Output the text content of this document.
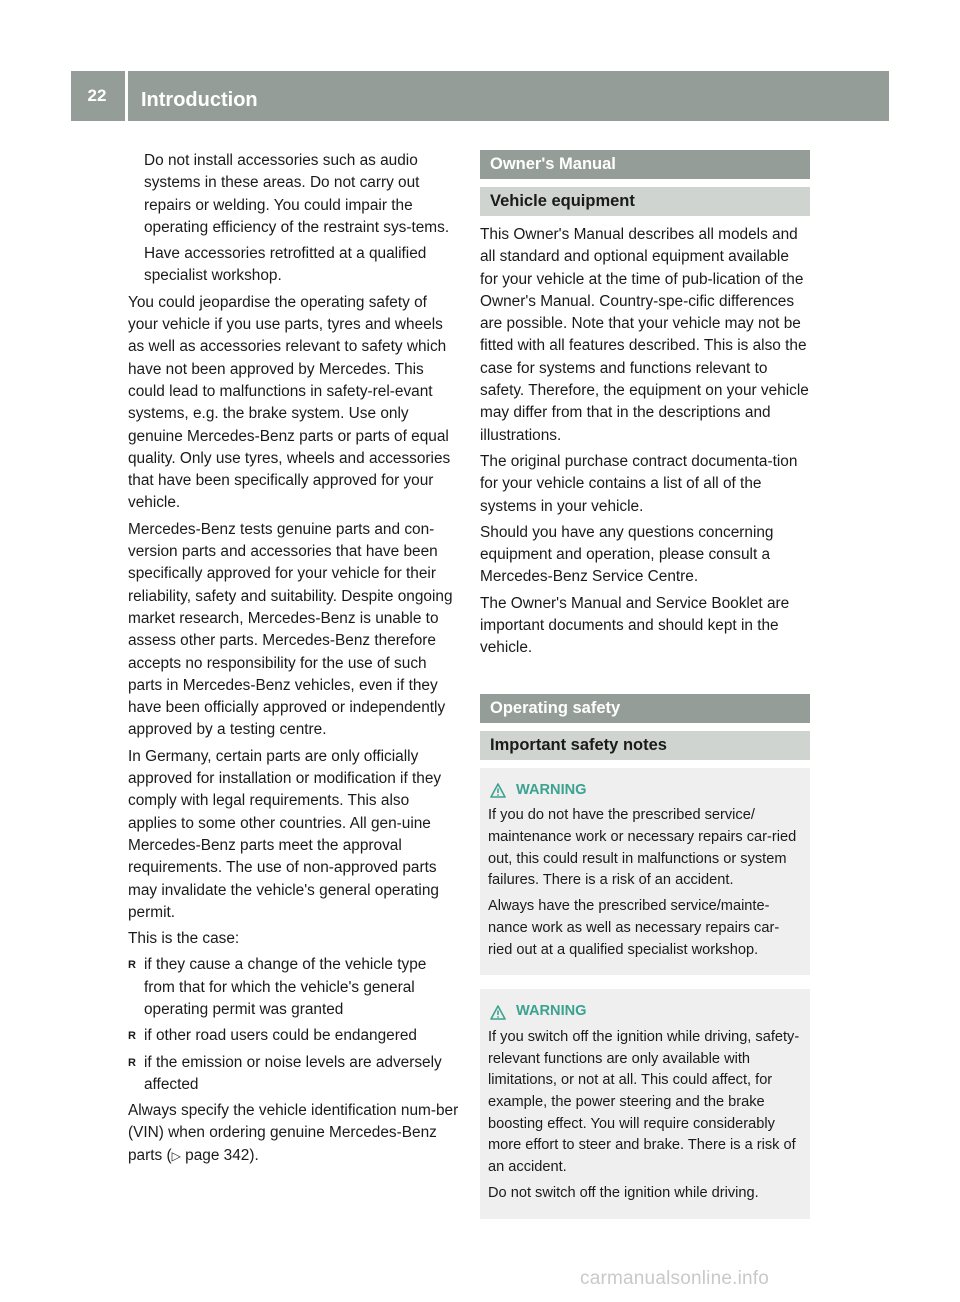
22	Introduction

Do not install accessories such as audio systems in these areas. Do not carry out repairs or welding. You could impair the operating efficiency of the restraint sys-tems.

Have accessories retrofitted at a qualified specialist workshop.

You could jeopardise the operating safety of your vehicle if you use parts, tyres and wheels as well as accessories relevant to safety which have not been approved by Mercedes. This could lead to malfunctions in safety-rel-evant systems, e.g. the brake system. Use only genuine Mercedes-Benz parts or parts of equal quality. Only use tyres, wheels and accessories that have been specifically approved for your vehicle.

Mercedes-Benz tests genuine parts and con-version parts and accessories that have been specifically approved for your vehicle for their reliability, safety and suitability. Despite ongoing market research, Mercedes-Benz is unable to assess other parts. Mercedes-Benz therefore accepts no responsibility for the use of such parts in Mercedes-Benz vehicles, even if they have been officially approved or independently approved by a testing centre.

In Germany, certain parts are only officially approved for installation or modification if they comply with legal requirements. This also applies to some other countries. All gen-uine Mercedes-Benz parts meet the approval requirements. The use of non-approved parts may invalidate the vehicle's general operating permit.

This is the case:

R if they cause a change of the vehicle type from that for which the vehicle's general operating permit was granted
R if other road users could be endangered
R if the emission or noise levels are adversely affected

Always specify the vehicle identification num-ber (VIN) when ordering genuine Mercedes-Benz parts (▷ page 342).

Owner's Manual
Vehicle equipment

This Owner's Manual describes all models and all standard and optional equipment available for your vehicle at the time of pub-lication of the Owner's Manual. Country-spe-cific differences are possible. Note that your vehicle may not be fitted with all features described. This is also the case for systems and functions relevant to safety. Therefore, the equipment on your vehicle may differ from that in the descriptions and illustrations.

The original purchase contract documenta-tion for your vehicle contains a list of all of the systems in your vehicle.

Should you have any questions concerning equipment and operation, please consult a Mercedes-Benz Service Centre.

The Owner's Manual and Service Booklet are important documents and should kept in the vehicle.

Operating safety
Important safety notes
WARNING

If you do not have the prescribed service/ maintenance work or necessary repairs car-ried out, this could result in malfunctions or system failures. There is a risk of an accident.

Always have the prescribed service/mainte-nance work as well as necessary repairs car-ried out at a qualified specialist workshop.

WARNING

If you switch off the ignition while driving, safety-relevant functions are only available with limitations, or not at all. This could affect, for example, the power steering and the brake boosting effect. You will require considerably more effort to steer and brake. There is a risk of an accident.

Do not switch off the ignition while driving.

carmanualsonline.info
